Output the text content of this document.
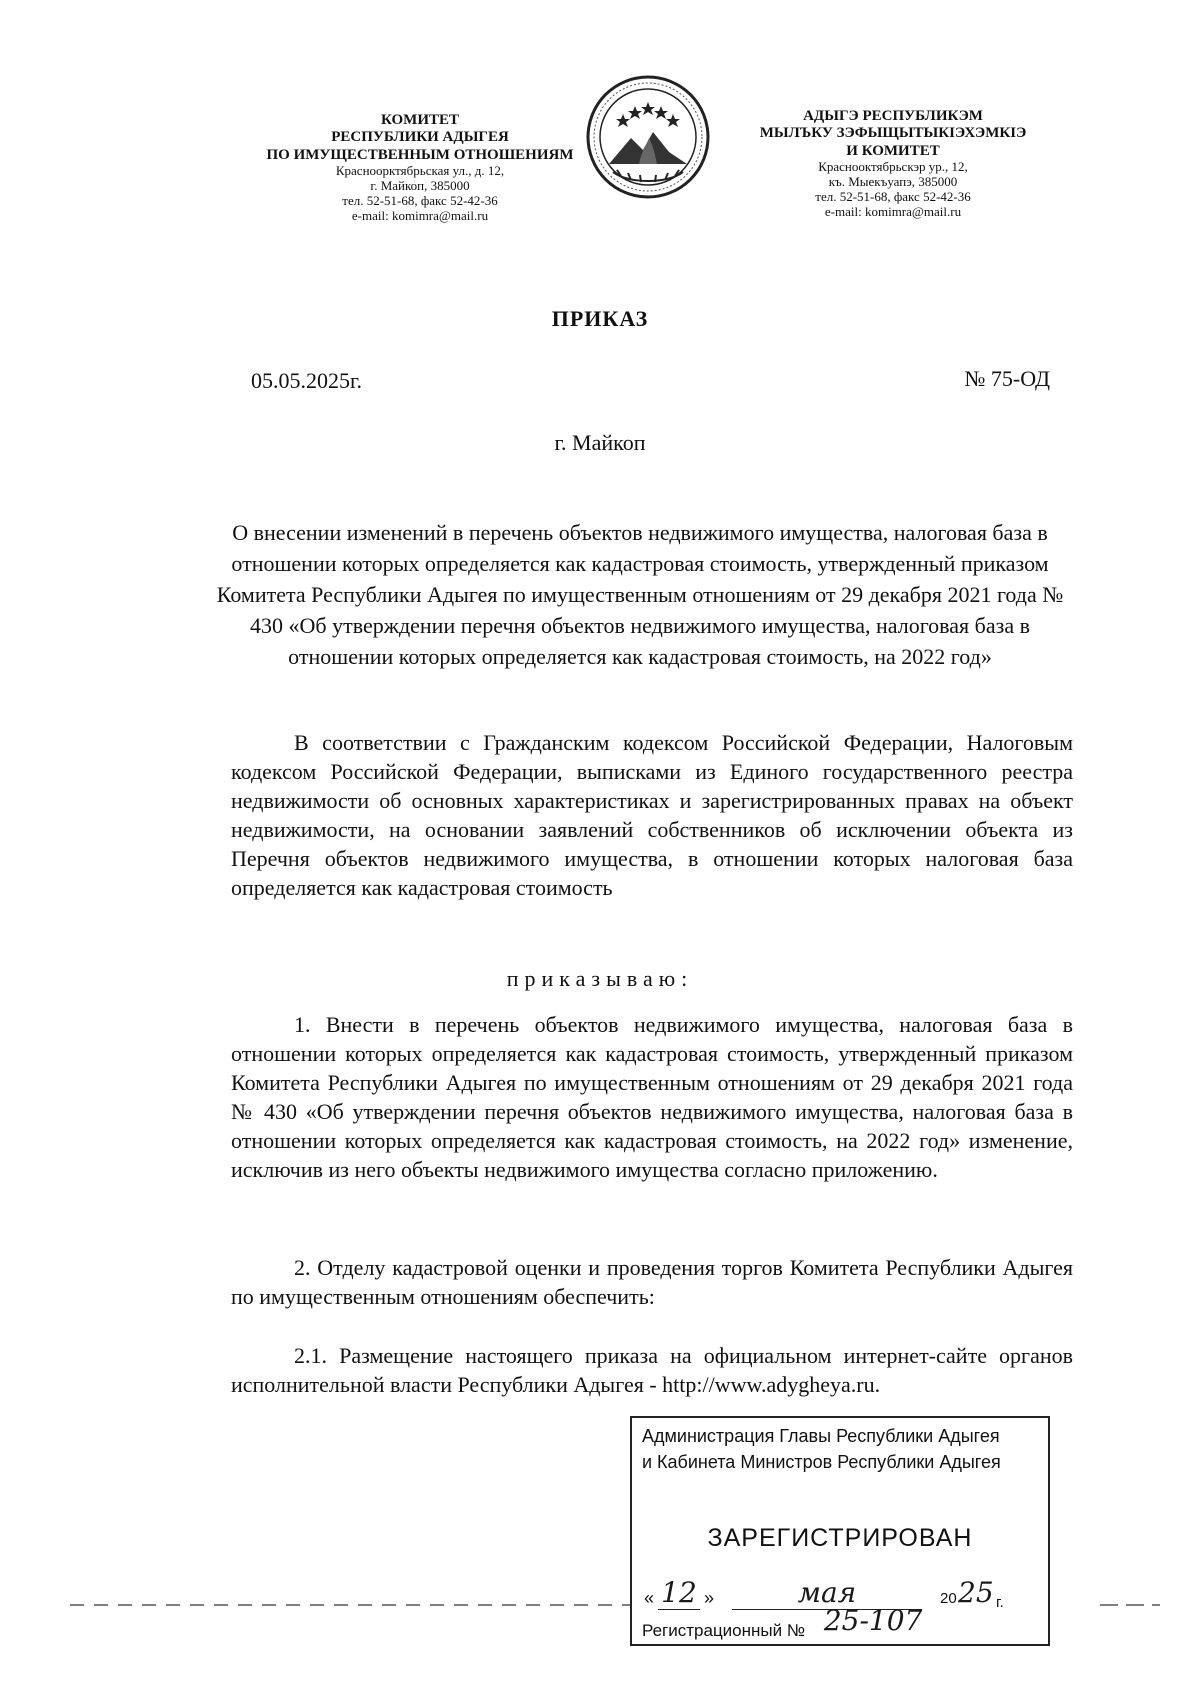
КОМИТЕТ
РЕСПУБЛИКИ АДЫГЕЯ
ПО ИМУЩЕСТВЕННЫМ ОТНОШЕНИЯМ
Красноорктябрьская ул., д. 12,
г. Майкоп, 385000
тел. 52-51-68, факс 52-42-36
e-mail: komimra@mail.ru
АДЫГЭ РЕСПУБЛИКЭМ
МЫЛЪКУ ЗЭФЫЩЫТЫКIЭХЭМКIЭ
И КОМИТЕТ
Краснооктябрьскэр ур., 12,
къ. Мыекъуапэ, 385000
тел. 52-51-68, факс 52-42-36
e-mail: komimra@mail.ru
ПРИКАЗ
05.05.2025г.	№ 75-ОД
г. Майкоп
О внесении изменений в перечень объектов недвижимого имущества, налоговая база в отношении которых определяется как кадастровая стоимость, утвержденный приказом Комитета Республики Адыгея по имущественным отношениям от 29 декабря 2021 года № 430 «Об утверждении перечня объектов недвижимого имущества, налоговая база в отношении которых определяется как кадастровая стоимость, на 2022 год»
В соответствии с Гражданским кодексом Российской Федерации, Налоговым кодексом Российской Федерации, выписками из Единого государственного реестра недвижимости об основных характеристиках и зарегистрированных правах на объект недвижимости, на основании заявлений собственников об исключении объекта из Перечня объектов недвижимого имущества, в отношении которых налоговая база определяется как кадастровая стоимость
приказываю:
1. Внести в перечень объектов недвижимого имущества, налоговая база в отношении которых определяется как кадастровая стоимость, утвержденный приказом Комитета Республики Адыгея по имущественным отношениям от 29 декабря 2021 года № 430 «Об утверждении перечня объектов недвижимого имущества, налоговая база в отношении которых определяется как кадастровая стоимость, на 2022 год» изменение, исключив из него объекты недвижимого имущества согласно приложению.
2. Отделу кадастровой оценки и проведения торгов Комитета Республики Адыгея по имущественным отношениям обеспечить:
2.1. Размещение настоящего приказа на официальном интернет-сайте органов исполнительной власти Республики Адыгея - http://www.adygheya.ru.
Администрация Главы Республики Адыгея
и Кабинета Министров Республики Адыгея
ЗАРЕГИСТРИРОВАН
« 12 »	мая	20 25 г.
Регистрационный № 25-107
